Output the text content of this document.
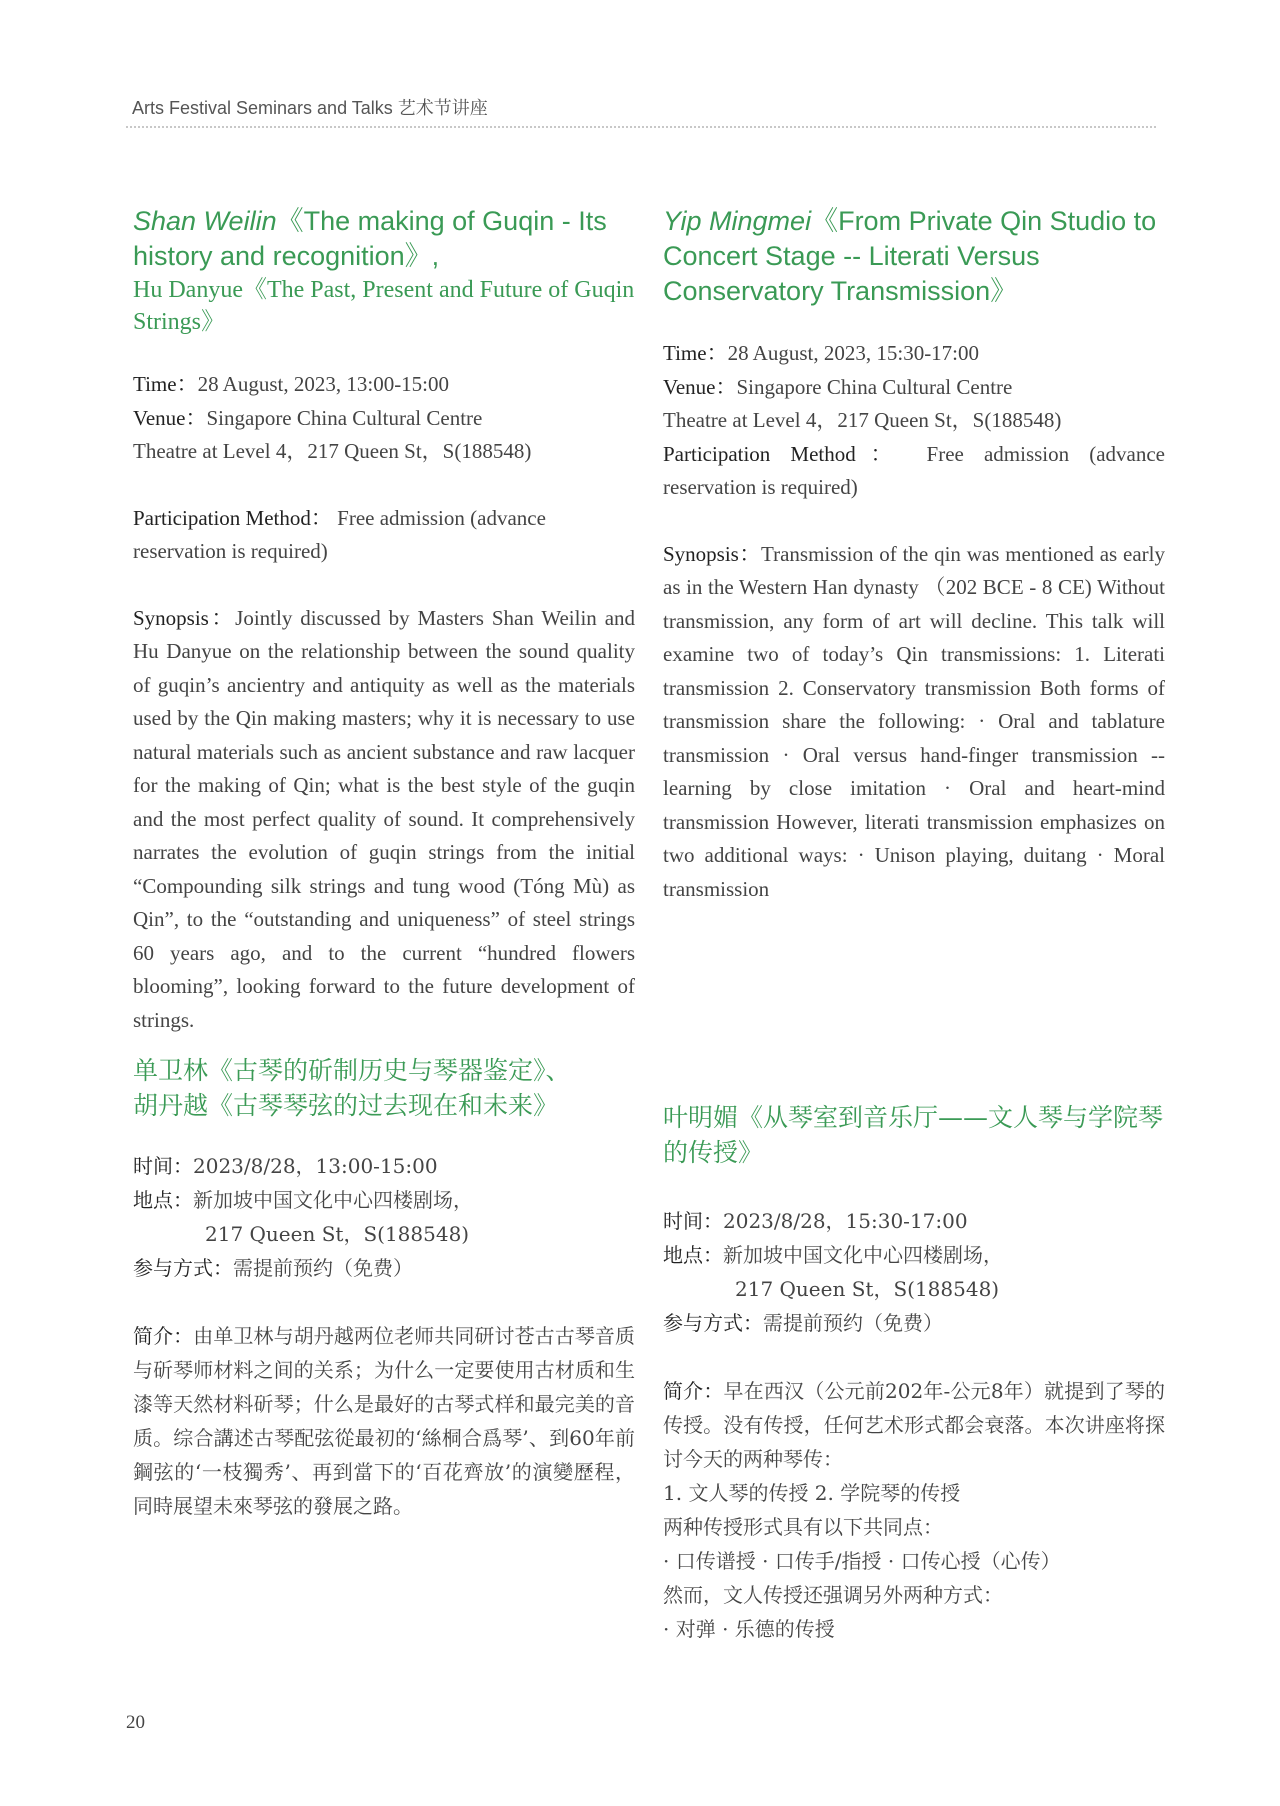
Arts Festival Seminars and Talks 艺术节讲座
Shan Weilin《The making of Guqin - Its history and recognition》,
Hu Danyue《The Past, Present and Future of Guqin Strings》
Time：28 August, 2023, 13:00-15:00
Venue：Singapore China Cultural Centre
Theatre at Level 4，217 Queen St，S(188548)
Participation Method： Free admission (advance reservation is required)
Synopsis：Jointly discussed by Masters Shan Weilin and Hu Danyue on the relationship between the sound quality of guqin’s ancientry and antiquity as well as the materials used by the Qin making masters; why it is necessary to use natural materials such as ancient substance and raw lacquer for the making of Qin; what is the best style of the guqin and the most perfect quality of sound. It comprehensively narrates the evolution of guqin strings from the initial “Compounding silk strings and tung wood (Tóng Mù) as Qin”, to the “outstanding and uniqueness” of steel strings 60 years ago, and to the current “hundred flowers blooming”, looking forward to the future development of strings.
单卫林《古琴的斫制历史与琴器鉴定》、
胡丹越《古琴琴弦的过去现在和未来》
时间：2023/8/28，13:00-15:00
地点：新加坡中国文化中心四楼剧场，
217 Queen St，S(188548)
参与方式：需提前预约（免费）
简介：由单卫林与胡丹越两位老师共同研讨苍古古琴音质与斫琴师材料之间的关系；为什么一定要使用古材质和生漆等天然材料斫琴；什么是最好的古琴式样和最完美的音质。综合講述古琴配弦從最初的‘絲桐合爲琴’、到60年前鋼弦的‘一枝獨秀’、再到當下的‘百花齊放’的演變歷程，同時展望未來琴弦的發展之路。
Yip Mingmei《From Private Qin Studio to Concert Stage -- Literati Versus Conservatory Transmission》
Time：28 August, 2023, 15:30-17:00
Venue：Singapore China Cultural Centre
Theatre at Level 4，217 Queen St，S(188548)
Participation Method： Free admission (advance reservation is required)
Synopsis：Transmission of the qin was mentioned as early as in the Western Han dynasty （202 BCE - 8 CE) Without transmission, any form of art will decline. This talk will examine two of today’s Qin transmissions: 1. Literati transmission 2. Conservatory transmission Both forms of transmission share the following: · Oral and tablature transmission · Oral versus hand-finger transmission -- learning by close imitation · Oral and heart-mind transmission However, literati transmission emphasizes on two additional ways: · Unison playing, duitang · Moral transmission
叶明媚《从琴室到音乐厅——文人琴与学院琴的传授》
时间：2023/8/28，15:30-17:00
地点：新加坡中国文化中心四楼剧场，
217 Queen St，S(188548)
参与方式：需提前预约（免费）
简介：早在西汉（公元前202年-公元8年）就提到了琴的传授。没有传授，任何艺术形式都会衰落。本次讲座将探讨今天的两种琴传：
1. 文人琴的传授 2. 学院琴的传授
两种传授形式具有以下共同点：
· 口传谱授 · 口传手/指授 · 口传心授（心传）
然而，文人传授还强调另外两种方式：
· 对弹 · 乐德的传授
20
